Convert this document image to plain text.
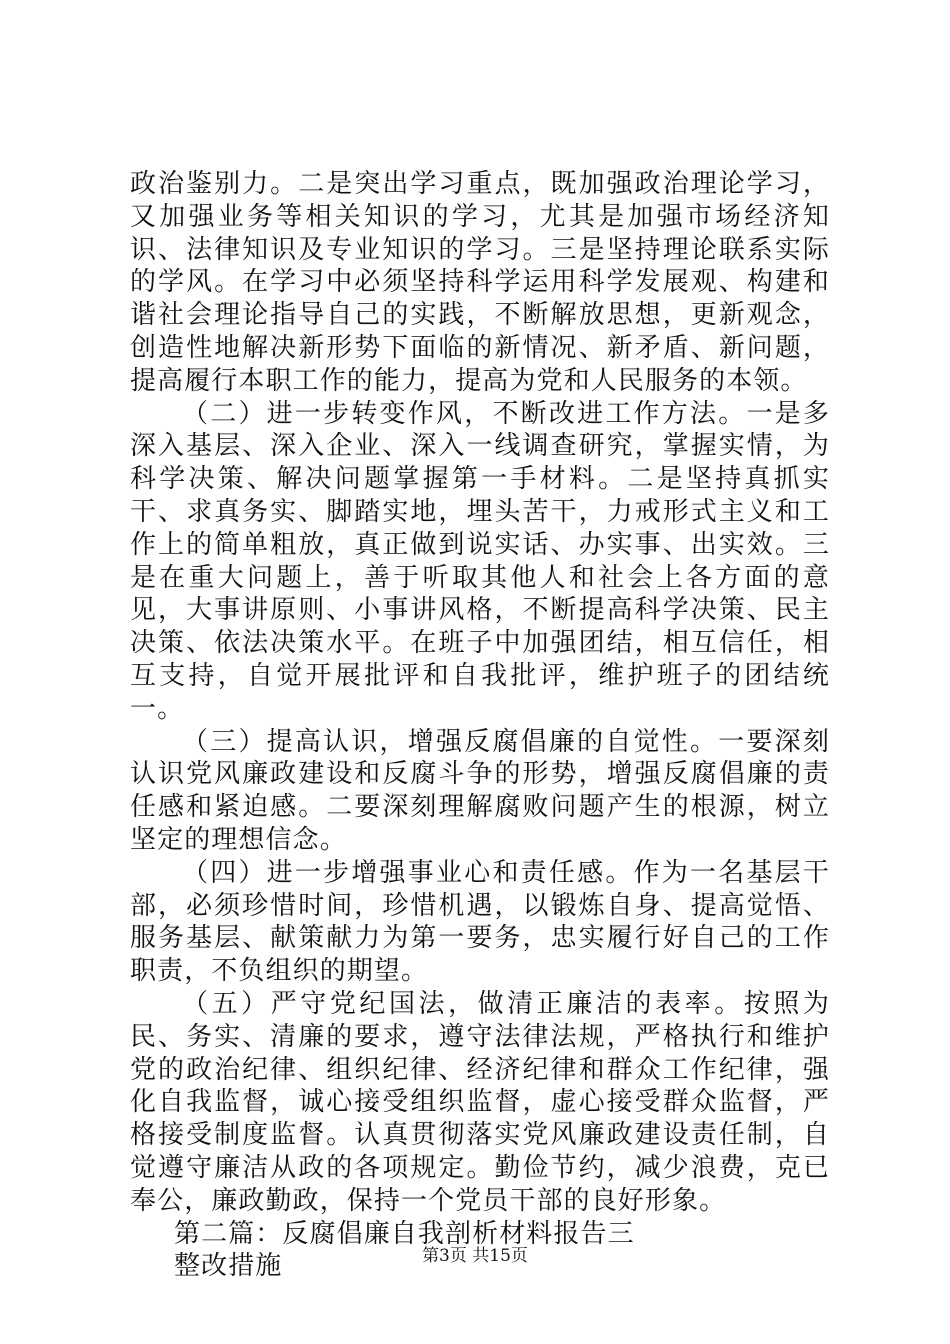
政治鉴别力。二是突出学习重点，既加强政治理论学习，又加强业务等相关知识的学习，尤其是加强市场经济知识、法律知识及专业知识的学习。三是坚持理论联系实际的学风。在学习中必须坚持科学运用科学发展观、构建和谐社会理论指导自己的实践，不断解放思想，更新观念，创造性地解决新形势下面临的新情况、新矛盾、新问题，提高履行本职工作的能力，提高为党和人民服务的本领。

（二）进一步转变作风，不断改进工作方法。一是多深入基层、深入企业、深入一线调查研究，掌握实情，为科学决策、解决问题掌握第一手材料。二是坚持真抓实干、求真务实、脚踏实地，埋头苦干，力戒形式主义和工作上的简单粗放，真正做到说实话、办实事、出实效。三是在重大问题上，善于听取其他人和社会上各方面的意见，大事讲原则、小事讲风格，不断提高科学决策、民主决策、依法决策水平。在班子中加强团结，相互信任，相互支持，自觉开展批评和自我批评，维护班子的团结统一。

（三）提高认识，增强反腐倡廉的自觉性。一要深刻认识党风廉政建设和反腐斗争的形势，增强反腐倡廉的责任感和紧迫感。二要深刻理解腐败问题产生的根源，树立坚定的理想信念。

（四）进一步增强事业心和责任感。作为一名基层干部，必须珍惜时间，珍惜机遇，以锻炼自身、提高觉悟、服务基层、献策献力为第一要务，忠实履行好自己的工作职责，不负组织的期望。

（五）严守党纪国法，做清正廉洁的表率。按照为民、务实、清廉的要求，遵守法律法规，严格执行和维护党的政治纪律、组织纪律、经济纪律和群众工作纪律，强化自我监督，诚心接受组织监督，虚心接受群众监督，严格接受制度监督。认真贯彻落实党风廉政建设责任制，自觉遵守廉洁从政的各项规定。勤俭节约，减少浪费，克已奉公，廉政勤政，保持一个党员干部的良好形象。

第二篇：反腐倡廉自我剖析材料报告三

整改措施	第3页 共15页
